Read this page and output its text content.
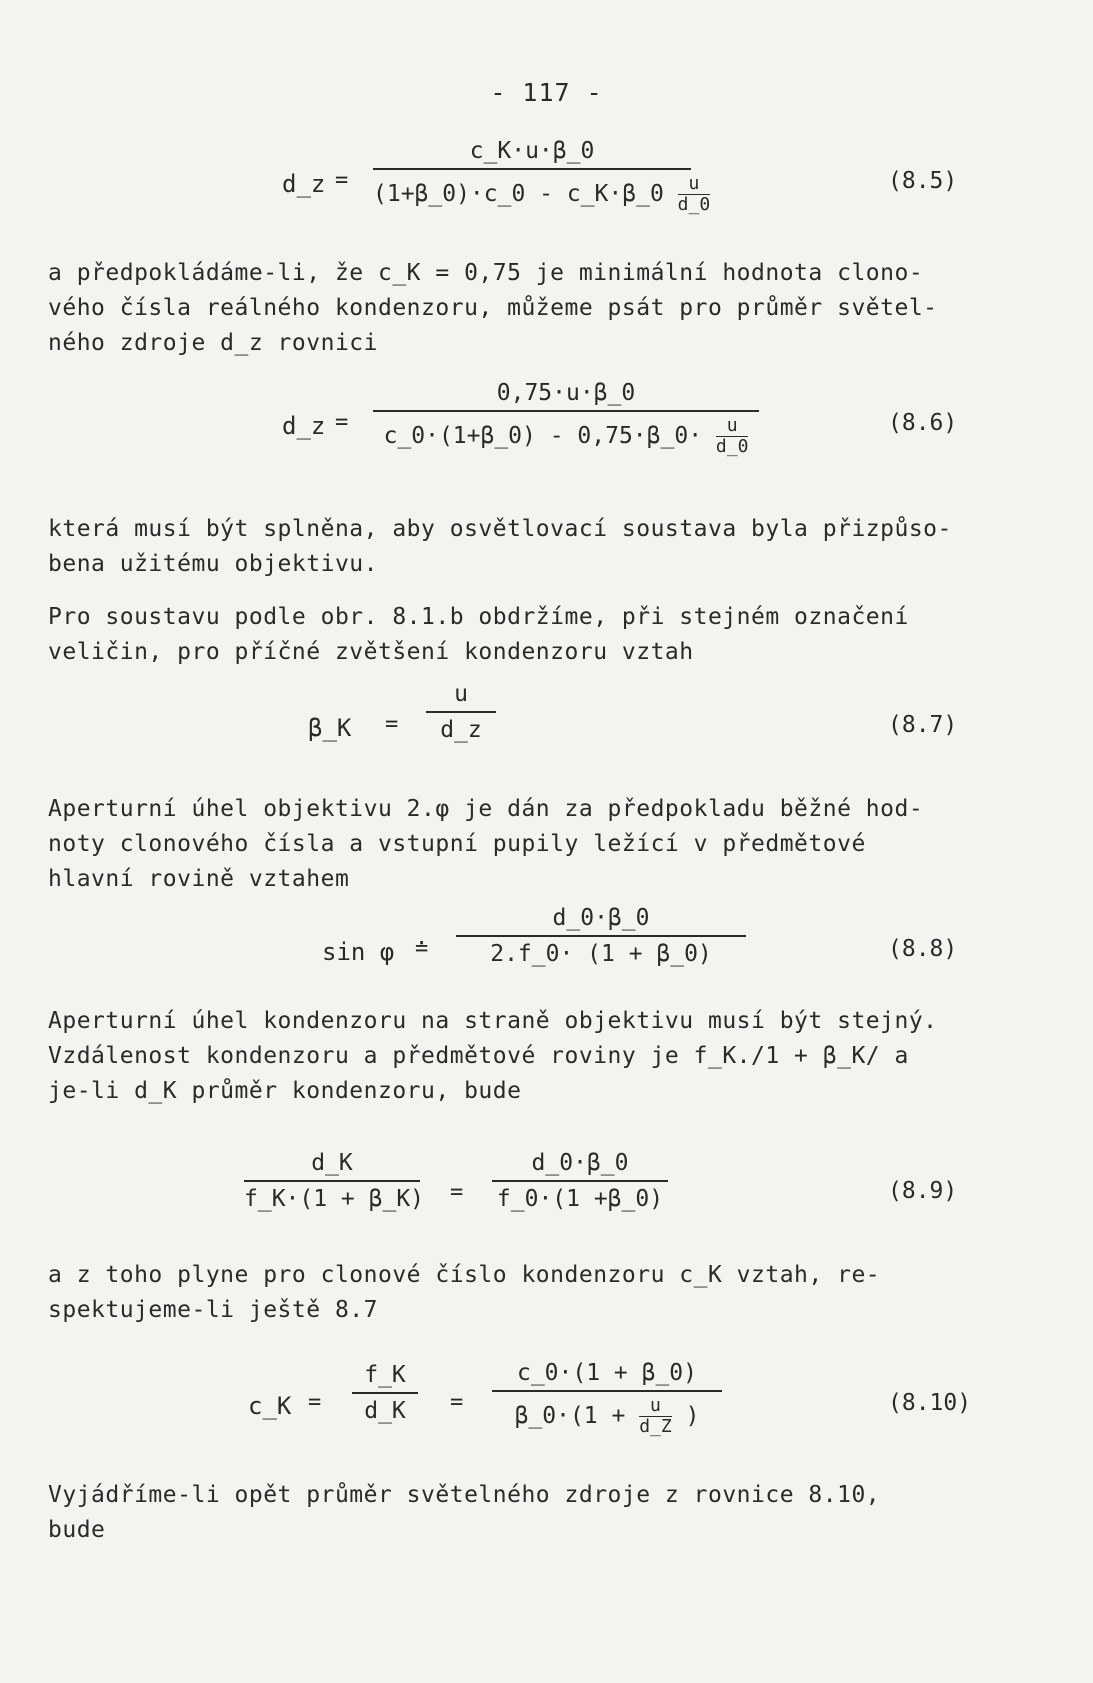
- 117 -
d_z = $\frac{c\_K\cdot u\cdot\beta\_0}{(1+\beta\_0)\cdot c\_0 - c\_K\cdot\beta\_0 \frac{u}{d\_0}}$	(8.5)
a předpokládáme-li, že c_K = 0,75 je minimální hodnota clono-
vého čísla reálného kondenzoru, můžeme psát pro průměr světel-
ného zdroje d_z rovnici
d_z = $\frac{0,75\cdot u\cdot\beta\_0}{c\_0\cdot(1+\beta\_0) - 0,75\cdot\beta\_0\cdot \frac{u}{d\_0}}$	(8.6)
která musí být splněna, aby osvětlovací soustava byla přizpůso-
bena užitému objektivu.
Pro soustavu podle obr. 8.1.b obdržíme, při stejném označení
veličin, pro příčné zvětšení kondenzoru vztah
β_K = $\frac{u}{d\_z}$	(8.7)
Aperturní úhel objektivu 2.φ je dán za předpokladu běžné hod-
noty clonového čísla a vstupní pupily ležící v předmětové
hlavní rovině vztahem
sin φ ≐ $\frac{d\_0\cdot\beta\_0}{2.f\_0\cdot (1 + \beta\_0)}$	(8.8)
Aperturní úhel kondenzoru na straně objektivu musí být stejný.
Vzdálenost kondenzoru a předmětové roviny je f_K./1 + β_K/ a
je-li d_K průměr kondenzoru, bude
$\frac{d\_K}{f\_K\cdot(1 + \beta\_K)} = \frac{d\_0\cdot\beta\_0}{f\_0\cdot(1 +\beta\_0)}$	(8.9)
a z toho plyne pro clonové číslo kondenzoru c_K vztah, re-
spektujeme-li ještě 8.7
c_K = $\frac{f\_K}{d\_K} = \frac{c\_0\cdot(1 + \beta\_0)}{\beta\_0\cdot(1 + \frac{u}{d\_Z} )}$	(8.10)
Vyjádříme-li opět průměr světelného zdroje z rovnice 8.10,
bude
